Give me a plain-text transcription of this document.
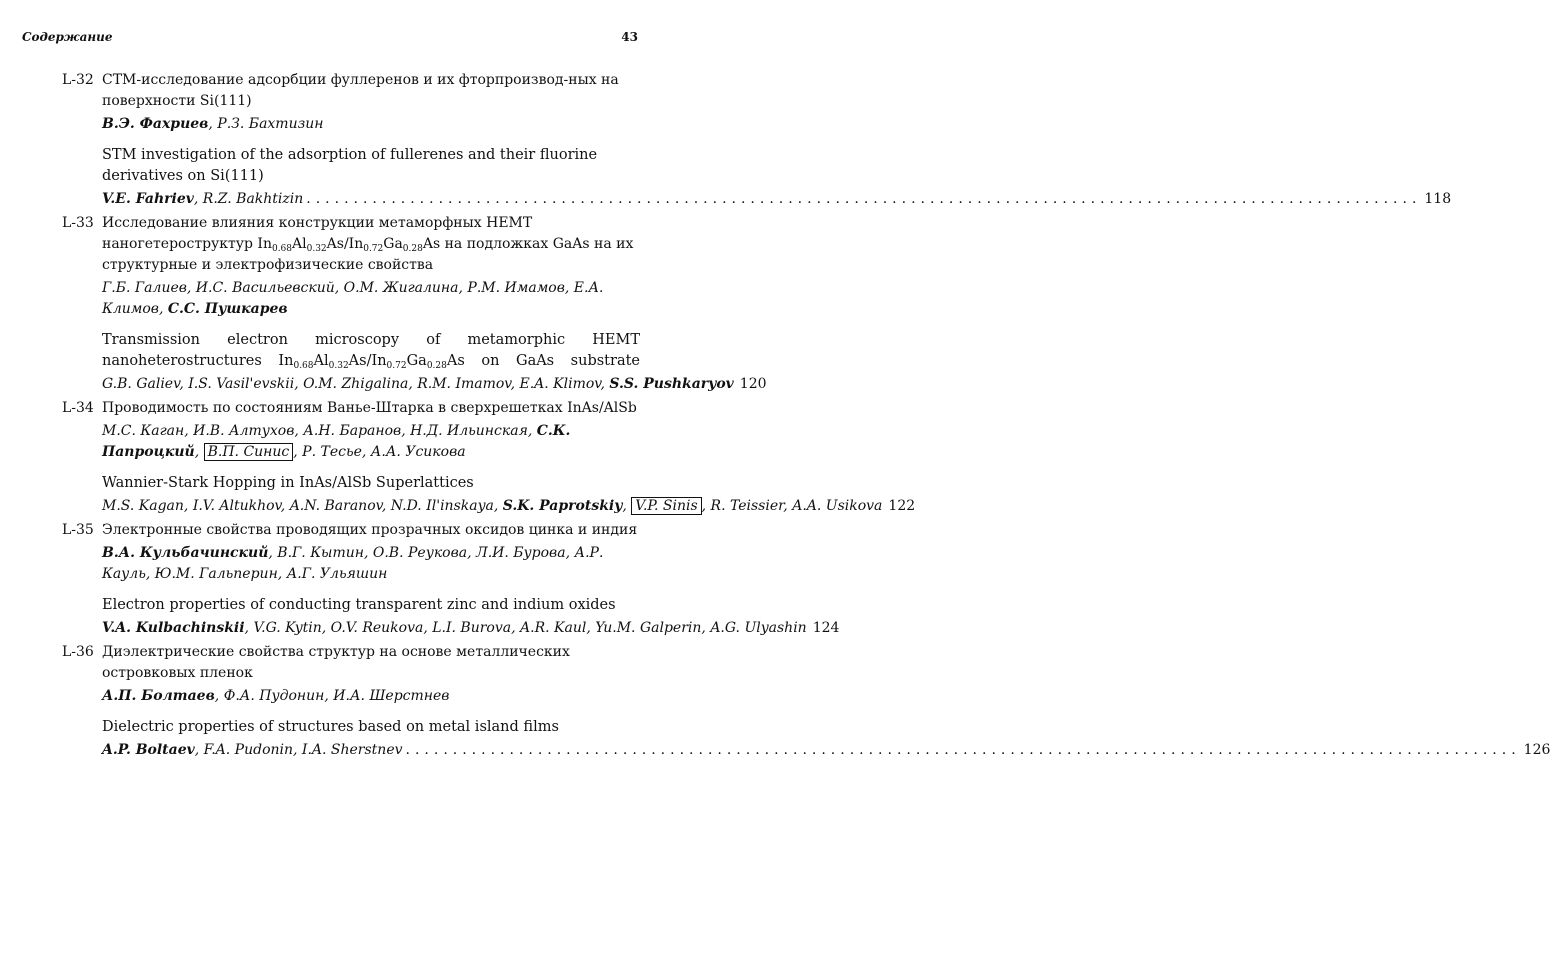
Содержание	43
L-32 СТМ-исследование адсорбции фуллеренов и их фторпроизвод-ных на поверхности Si(111)
В.Э. Фахриев, Р.З. Бахтизин
STM investigation of the adsorption of fullerenes and their fluorine derivatives on Si(111)
V.E. Fahriev, R.Z. Bakhtizin ...................................................................................................................... 118
L-33 Исследование влияния конструкции метаморфных HEMT наногетероструктур $In_{0.68}Al_{0.32}As/In_{0.72}Ga_{0.28}As$ на подложках GaAs на их структурные и электрофизические свойства
Г.Б. Галиев, И.С. Васильевский, О.М. Жигалина, Р.М. Имамов, Е.А. Климов, С.С. Пушкарев
Transmission electron microscopy of metamorphic HEMT nanoheterostructures $In_{0.68}Al_{0.32}As/In_{0.72}Ga_{0.28}As$ on GaAs substrate
G.B. Galiev, I.S. Vasil'evskii, O.M. Zhigalina, R.M. Imamov, E.A. Klimov, S.S. Pushkaryov 120
L-34 Проводимость по состояниям Ванье-Штарка в сверхрешетках InAs/AlSb
М.С. Каган, И.В. Алтухов, А.Н. Баранов, Н.Д. Ильинская, С.К. Папроцкий, В.П. Синис , Р. Тесье, А.А. Усикова
Wannier-Stark Hopping in InAs/AlSb Superlattices
M.S. Kagan, I.V. Altukhov, A.N. Baranov, N.D. Il'inskaya, S.K. Paprotskiy, V.P. Sinis , R. Teissier, A.A. Usikova 122
L-35 Электронные свойства проводящих прозрачных оксидов цинка и индия
В.А. Кульбачинский, В.Г. Кытин, О.В. Реукова, Л.И. Бурова, А.Р. Кауль, Ю.М. Гальперин, А.Г. Ульяшин
Electron properties of conducting transparent zinc and indium oxides
V.A. Kulbachinskii, V.G. Kytin, O.V. Reukova, L.I. Burova, A.R. Kaul, Yu.M. Galperin, A.G. Ulyashin 124
L-36 Диэлектрические свойства структур на основе металлических островковых пленок
А.П. Болтаев, Ф.А. Пудонин, И.А. Шерстнев
Dielectric properties of structures based on metal island films
A.P. Boltaev, F.A. Pudonin, I.A. Sherstnev ...................................................................................................................... 126
